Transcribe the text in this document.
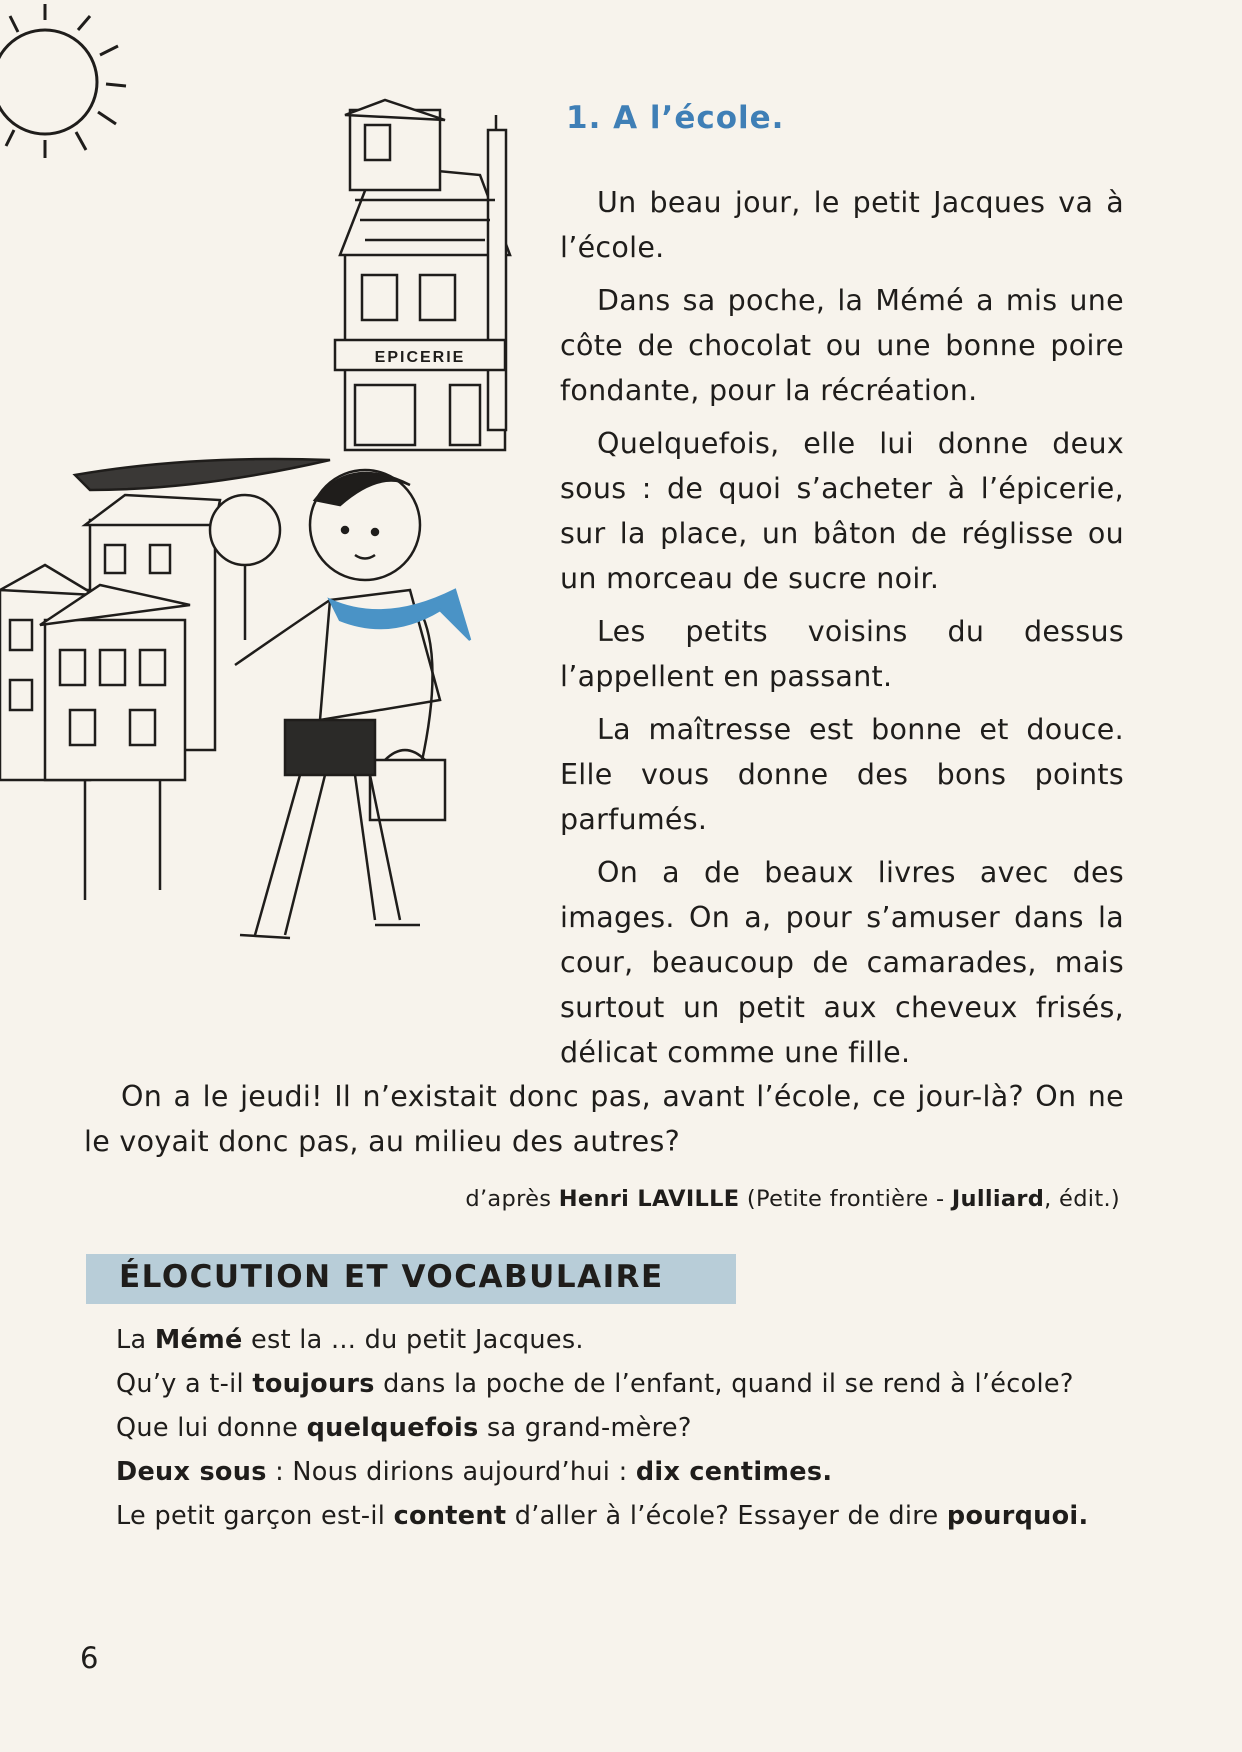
EPICERIE
1. A l’école.

Un beau jour, le petit Jacques va à l’école.

Dans sa poche, la Mémé a mis une côte de chocolat ou une bonne poire fondante, pour la récréation.

Quelquefois, elle lui donne deux sous : de quoi s’acheter à l’épicerie, sur la place, un bâton de réglisse ou un morceau de sucre noir.

Les petits voisins du dessus l’appellent en passant.

La maîtresse est bonne et douce. Elle vous donne des bons points parfumés.

On a de beaux livres avec des images. On a, pour s’amuser dans la cour, beaucoup de camarades, mais surtout un petit aux cheveux frisés, délicat comme une fille.

On a le jeudi! Il n’existait donc pas, avant l’école, ce jour-là? On ne le voyait donc pas, au milieu des autres?

d’après Henri LAVILLE (Petite frontière - Julliard, édit.)
ÉLOCUTION ET VOCABULAIRE

La Mémé est la ... du petit Jacques.

Qu’y a t-il toujours dans la poche de l’enfant, quand il se rend à l’école?

Que lui donne quelquefois sa grand-mère?

Deux sous : Nous dirions aujourd’hui : dix centimes.

Le petit garçon est-il content d’aller à l’école? Essayer de dire pourquoi.

6
